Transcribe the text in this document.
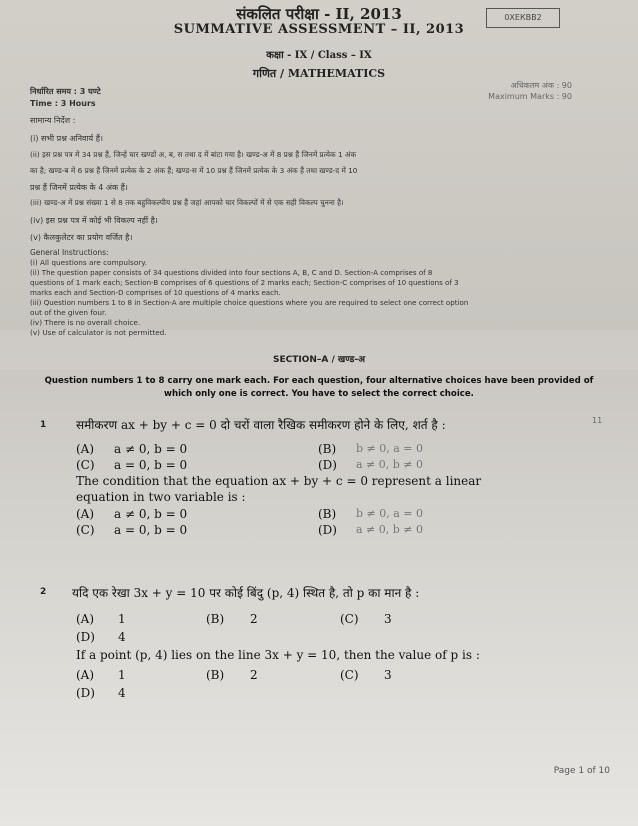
संकलित परीक्षा - II, 2013
SUMMATIVE ASSESSMENT – II, 2013
0ХЕКВВ2
कक्षा - IX / Class – IX
गणित / MATHEMATICS
निर्धारित समय : 3 घण्टे
Time : 3 Hours
अधिकतम अंक : 90
Maximum Marks : 90
सामान्य निर्देश :
(i) सभी प्रश्न अनिवार्य हैं।
(ii) इस प्रश्न पत्र में 34 प्रश्न हैं, जिन्हें चार खण्डों अ, ब, स तथा द में बांटा गया है। खण्ड-अ में 8 प्रश्न हैं जिनमें प्रत्येक 1 अंक
का है; खण्ड-ब में 6 प्रश्न हैं जिनमें प्रत्येक के 2 अंक हैं; खण्ड-स में 10 प्रश्न हैं जिनमें प्रत्येक के 3 अंक हैं तथा खण्ड-द में 10
प्रश्न हैं जिनमें प्रत्येक के 4 अंक हैं।
(iii) खण्ड-अ में प्रश्न संख्या 1 से 8 तक बहुविकल्पीय प्रश्न हैं जहां आपको चार विकल्पों में से एक सही विकल्प चुनना है।
(iv) इस प्रश्न पत्र में कोई भी विकल्प नहीं है।
(v) कैलकुलेटर का प्रयोग वर्जित है।
General Instructions:
(i) All questions are compulsory.
(ii) The question paper consists of 34 questions divided into four sections A, B, C and D. Section-A comprises of 8
questions of 1 mark each; Section-B comprises of 6 questions of 2 marks each; Section-C comprises of 10 questions of 3
marks each and Section-D comprises of 10 questions of 4 marks each.
(iii) Question numbers 1 to 8 in Section-A are multiple choice questions where you are required to select one correct option
out of the given four.
(iv) There is no overall choice.
(v) Use of calculator is not permitted.
SECTION–A / खण्ड-अ
Question numbers 1 to 8 carry one mark each. For each question, four alternative choices have been provided of
which only one is correct. You have to select the correct choice.
11
1 समीकरण ax + by + c = 0 दो चरों वाला रैखिक समीकरण होने के लिए, शर्त है :
(A) a ≠ 0, b = 0	(B) b ≠ 0, a = 0
(C) a = 0, b = 0	(D) a ≠ 0, b ≠ 0
The condition that the equation ax + by + c = 0 represent a linear
equation in two variable is :
(A) a ≠ 0, b = 0	(B) b ≠ 0, a = 0
(C) a = 0, b = 0	(D) a ≠ 0, b ≠ 0
2 यदि एक रेखा 3x + y = 10 पर कोई बिंदु (p, 4) स्थित है, तो p का मान है :
(A) 1	(B) 2	(C) 3
(D) 4
If a point (p, 4) lies on the line 3x + y = 10, then the value of p is :
(A) 1	(B) 2	(C) 3
(D) 4
Page 1 of 10
